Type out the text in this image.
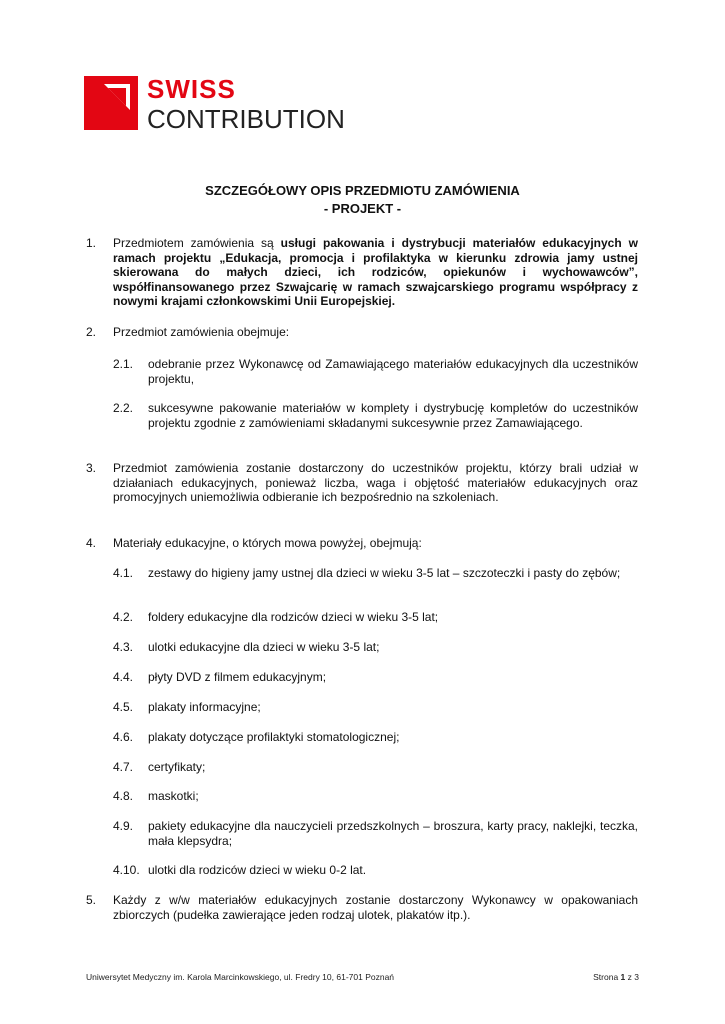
SWISS
CONTRIBUTION
SZCZEGÓŁOWY OPIS PRZEDMIOTU ZAMÓWIENIA
- PROJEKT -
1. Przedmiotem zamówienia są usługi pakowania i dystrybucji materiałów edukacyjnych w ramach projektu „Edukacja, promocja i profilaktyka w kierunku zdrowia jamy ustnej skierowana do małych dzieci, ich rodziców, opiekunów i wychowawców”, współfinansowanego przez Szwajcarię w ramach szwajcarskiego programu współpracy z nowymi krajami członkowskimi Unii Europejskiej.
2. Przedmiot zamówienia obejmuje:
2.1. odebranie przez Wykonawcę od Zamawiającego materiałów edukacyjnych dla uczestników projektu,
2.2. sukcesywne pakowanie materiałów w komplety i dystrybucję kompletów do uczestników projektu zgodnie z zamówieniami składanymi sukcesywnie przez Zamawiającego.
3. Przedmiot zamówienia zostanie dostarczony do uczestników projektu, którzy brali udział w działaniach edukacyjnych, ponieważ liczba, waga i objętość materiałów edukacyjnych oraz promocyjnych uniemożliwia odbieranie ich bezpośrednio na szkoleniach.
4. Materiały edukacyjne, o których mowa powyżej, obejmują:
4.1. zestawy do higieny jamy ustnej dla dzieci w wieku 3-5 lat – szczoteczki i pasty do zębów;
4.2. foldery edukacyjne dla rodziców dzieci w wieku 3-5 lat;
4.3. ulotki edukacyjne dla dzieci w wieku 3-5 lat;
4.4. płyty DVD z filmem edukacyjnym;
4.5. plakaty informacyjne;
4.6. plakaty dotyczące profilaktyki stomatologicznej;
4.7. certyfikaty;
4.8. maskotki;
4.9. pakiety edukacyjne dla nauczycieli przedszkolnych – broszura, karty pracy, naklejki, teczka, mała klepsydra;
4.10. ulotki dla rodziców dzieci w wieku 0-2 lat.
5. Każdy z w/w materiałów edukacyjnych zostanie dostarczony Wykonawcy w opakowaniach zbiorczych (pudełka zawierające jeden rodzaj ulotek, plakatów itp.).
Uniwersytet Medyczny im. Karola Marcinkowskiego, ul. Fredry 10, 61-701 Poznań	Strona 1 z 3
